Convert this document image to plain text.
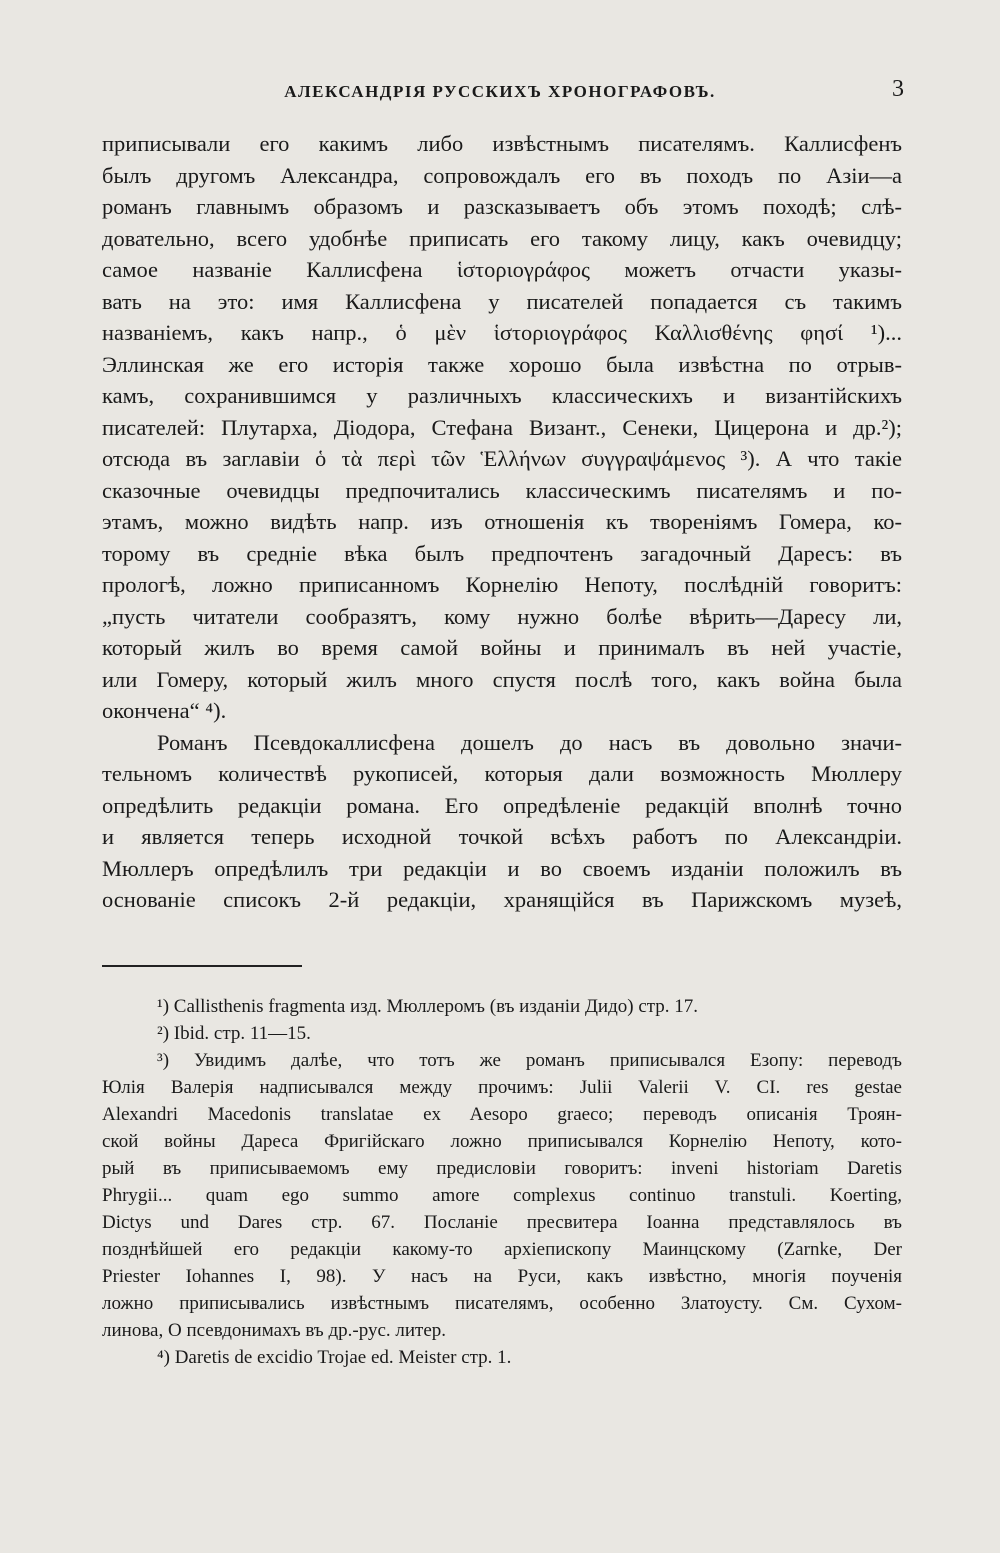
АЛЕКСАНДРІЯ РУССКИХЪ ХРОНОГРАФОВЪ.	3

приписывали его какимъ либо извѣстнымъ писателямъ. Каллисфенъ
былъ другомъ Александра, сопровождалъ его въ походъ по Азіи—а
романъ главнымъ образомъ и разсказываетъ объ этомъ походѣ; слѣ-
довательно, всего удобнѣе приписать его такому лицу, какъ очевидцу;
самое названіе Каллисфена ἱστοριογράφος можетъ отчасти указы-
вать на это: имя Каллисфена у писателей попадается съ такимъ
названіемъ, какъ напр., ὁ μὲν ἱστοριογράφος Καλλισθένης φησί ¹)...
Эллинская же его исторія также хорошо была извѣстна по отрыв-
камъ, сохранившимся у различныхъ классическихъ и византійскихъ
писателей: Плутарха, Діодора, Стефана Визант., Сенеки, Цицерона и др.²);
отсюда въ заглавіи ὁ τὰ περὶ τῶν Ἑλλήνων συγγραψάμενος ³). А что такіе
сказочные очевидцы предпочитались классическимъ писателямъ и по-
этамъ, можно видѣть напр. изъ отношенія къ твореніямъ Гомера, ко-
торому въ средніе вѣка былъ предпочтенъ загадочный Даресъ: въ
прологѣ, ложно приписанномъ Корнелію Непоту, послѣдній говоритъ:
„пусть читатели сообразятъ, кому нужно болѣе вѣрить—Даресу ли,
который жилъ во время самой войны и принималъ въ ней участіе,
или Гомеру, который жилъ много спустя послѣ того, какъ война была
окончена“ ⁴).

Романъ Псевдокаллисфена дошелъ до насъ въ довольно значи-
тельномъ количествѣ рукописей, которыя дали возможность Мюллеру
опредѣлить редакціи романа. Его опредѣленіе редакцій вполнѣ точно
и является теперь исходной точкой всѣхъ работъ по Александріи.
Мюллеръ опредѣлилъ три редакціи и во своемъ изданіи положилъ въ
основаніе списокъ 2-й редакціи, хранящійся въ Парижскомъ музеѣ,

¹) Callisthenis fragmenta изд. Мюллеромъ (въ изданіи Дидо) стр. 17.
²) Ibid. стр. 11—15.
³) Увидимъ далѣе, что тотъ же романъ приписывался Езопу: переводъ
Юлія Валерія надписывался между прочимъ: Julii Valerii V. CI. res gestae
Alexandri Macedonis translatae ex Aesopo graeco; переводъ описанія Троян-
ской войны Дареса Фригійскаго ложно приписывался Корнелію Непоту, кото-
рый въ приписываемомъ ему предисловіи говоритъ: inveni historiam Daretis
Phrygii... quam ego summo amore complexus continuo transtuli. Koerting,
Dictys und Dares стр. 67. Посланіе пресвитера Іоанна представлялось въ
позднѣйшей его редакціи какому-то архіепископу Маинцскому (Zarnke, Der
Priester Iohannes I, 98). У насъ на Руси, какъ извѣстно, многія поученія
ложно приписывались извѣстнымъ писателямъ, особенно Златоусту. См. Сухом-
линова, О псевдонимахъ въ др.-рус. литер.
⁴) Daretis de excidio Trojae ed. Meister стр. 1.
